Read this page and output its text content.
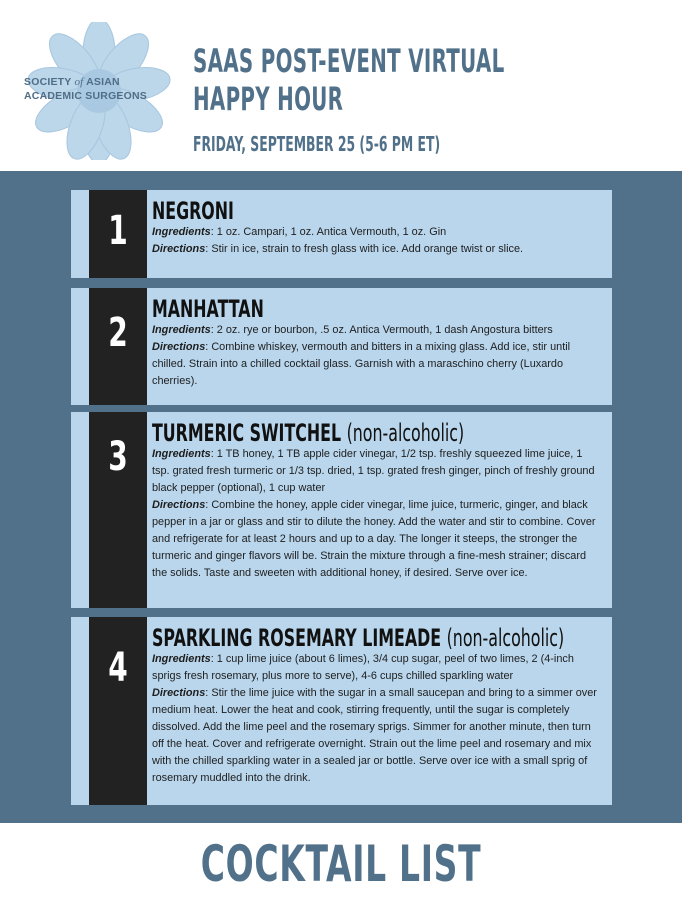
SOCIETY of ASIAN
ACADEMIC SURGEONS
SAAS POST-EVENT VIRTUAL
HAPPY HOUR
FRIDAY, SEPTEMBER 25 (5-6 PM ET)
1	NEGRONI

Ingredients: 1 oz. Campari, 1 oz. Antica Vermouth, 1 oz. Gin

Directions: Stir in ice, strain to fresh glass with ice. Add orange twist or slice.

2
MANHATTAN

Ingredients: 2 oz. rye or bourbon, .5 oz. Antica Vermouth, 1 dash Angostura bitters

Directions: Combine whiskey, vermouth and bitters in a mixing glass. Add ice, stir until chilled. Strain into a chilled cocktail glass. Garnish with a maraschino cherry (Luxardo cherries).

3
TURMERIC SWITCHEL (non-alcoholic)

Ingredients: 1 TB honey, 1 TB apple cider vinegar, 1/2 tsp. freshly squeezed lime juice, 1 tsp. grated fresh turmeric or 1/3 tsp. dried, 1 tsp. grated fresh ginger, pinch of freshly ground black pepper (optional), 1 cup water

Directions: Combine the honey, apple cider vinegar, lime juice, turmeric, ginger, and black pepper in a jar or glass and stir to dilute the honey. Add the water and stir to combine. Cover and refrigerate for at least 2 hours and up to a day. The longer it steeps, the stronger the turmeric and ginger flavors will be. Strain the mixture through a fine-mesh strainer; discard the solids. Taste and sweeten with additional honey, if desired. Serve over ice.

4
SPARKLING ROSEMARY LIMEADE (non-alcoholic)

Ingredients: 1 cup lime juice (about 6 limes), 3/4 cup sugar, peel of two limes, 2 (4-inch sprigs fresh rosemary, plus more to serve), 4-6 cups chilled sparkling water

Directions: Stir the lime juice with the sugar in a small saucepan and bring to a simmer over medium heat. Lower the heat and cook, stirring frequently, until the sugar is completely dissolved. Add the lime peel and the rosemary sprigs. Simmer for another minute, then turn off the heat. Cover and refrigerate overnight. Strain out the lime peel and rosemary and mix with the chilled sparkling water in a sealed jar or bottle. Serve over ice with a small sprig of rosemary muddled into the drink.

COCKTAIL LIST
